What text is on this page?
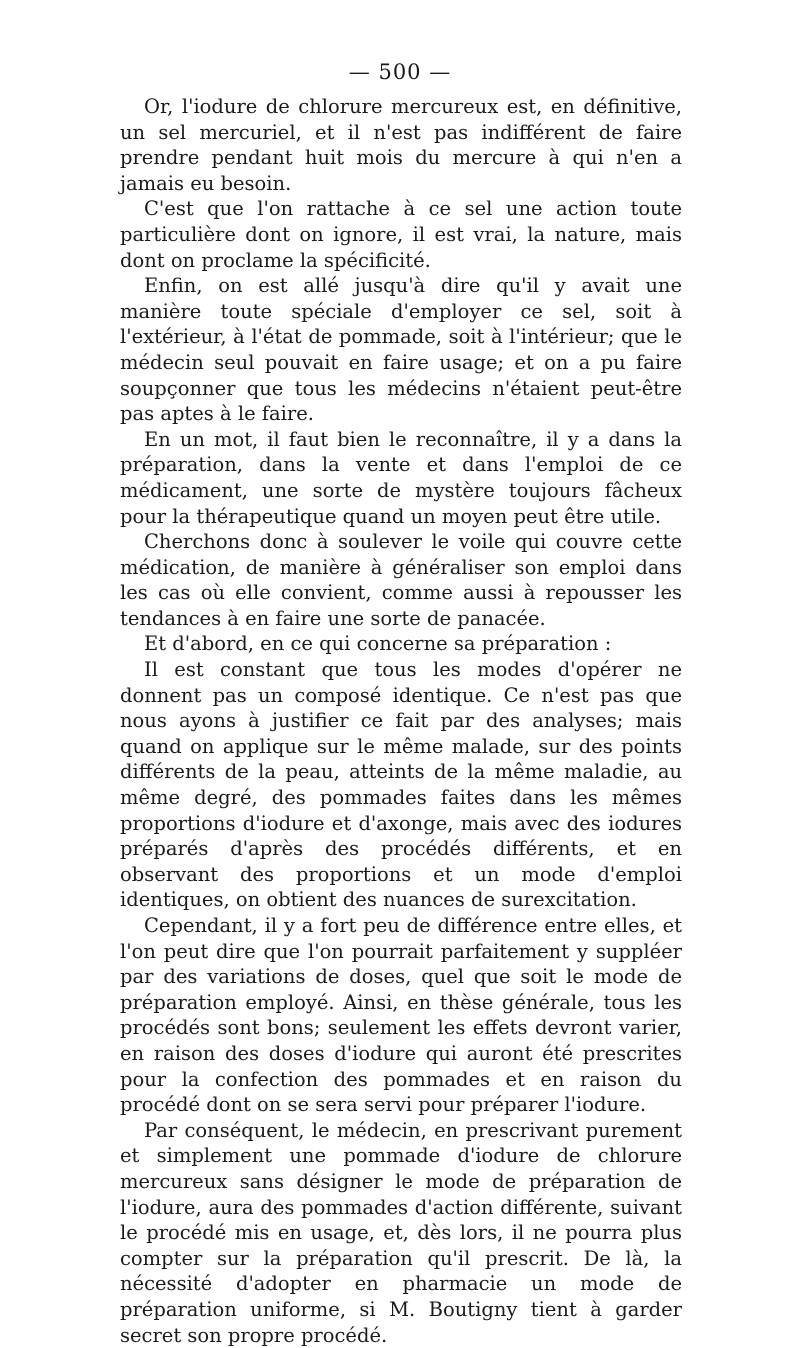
— 500 —

Or, l'iodure de chlorure mercureux est, en définitive, un sel mercuriel, et il n'est pas indifférent de faire prendre pendant huit mois du mercure à qui n'en a jamais eu besoin.

C'est que l'on rattache à ce sel une action toute particulière dont on ignore, il est vrai, la nature, mais dont on proclame la spécificité.

Enfin, on est allé jusqu'à dire qu'il y avait une manière toute spéciale d'employer ce sel, soit à l'extérieur, à l'état de pommade, soit à l'intérieur; que le médecin seul pouvait en faire usage; et on a pu faire soupçonner que tous les médecins n'étaient peut-être pas aptes à le faire.

En un mot, il faut bien le reconnaître, il y a dans la préparation, dans la vente et dans l'emploi de ce médicament, une sorte de mystère toujours fâcheux pour la thérapeutique quand un moyen peut être utile.

Cherchons donc à soulever le voile qui couvre cette médication, de manière à généraliser son emploi dans les cas où elle convient, comme aussi à repousser les tendances à en faire une sorte de panacée.

Et d'abord, en ce qui concerne sa préparation :

Il est constant que tous les modes d'opérer ne donnent pas un composé identique. Ce n'est pas que nous ayons à justifier ce fait par des analyses; mais quand on applique sur le même malade, sur des points différents de la peau, atteints de la même maladie, au même degré, des pommades faites dans les mêmes proportions d'iodure et d'axonge, mais avec des iodures préparés d'après des procédés différents, et en observant des proportions et un mode d'emploi identiques, on obtient des nuances de surexcitation.

Cependant, il y a fort peu de différence entre elles, et l'on peut dire que l'on pourrait parfaitement y suppléer par des variations de doses, quel que soit le mode de préparation employé. Ainsi, en thèse générale, tous les procédés sont bons; seulement les effets devront varier, en raison des doses d'iodure qui auront été prescrites pour la confection des pommades et en raison du procédé dont on se sera servi pour préparer l'iodure.

Par conséquent, le médecin, en prescrivant purement et simplement une pommade d'iodure de chlorure mercureux sans désigner le mode de préparation de l'iodure, aura des pommades d'action différente, suivant le procédé mis en usage, et, dès lors, il ne pourra plus compter sur la préparation qu'il prescrit. De là, la nécessité d'adopter en pharmacie un mode de préparation uniforme, si M. Boutigny tient à garder secret son propre procédé.
